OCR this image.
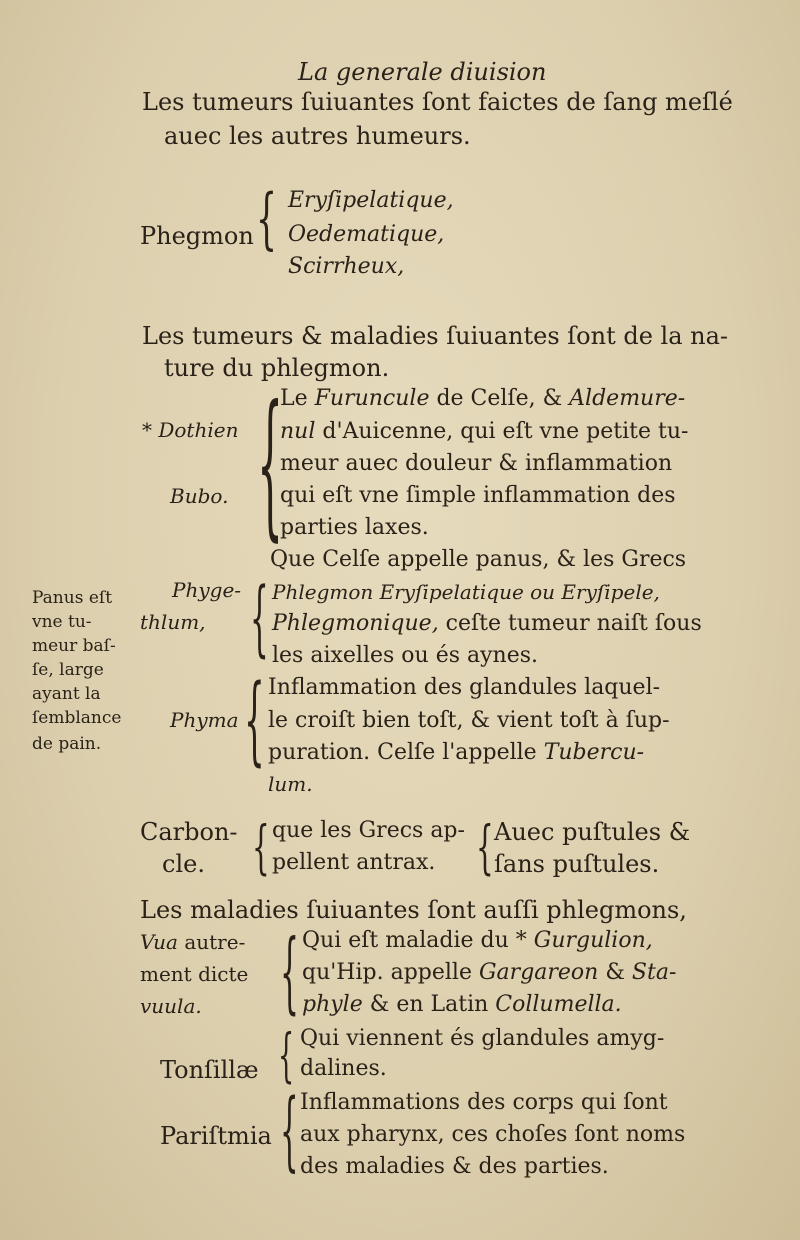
La generale diuision
Les tumeurs ſuiuantes ſont faictes de ſang meſlé
auec les autres humeurs.
Phegmon { Eryſipelatique,
Oedematique,
Scirrheux,
Les tumeurs & maladies ſuiuantes ſont de la na-
ture du phlegmon.
* Dothien {
Le Furuncule de Celſe, & Aldemure-
nul d'Auicenne, qui eſt vne petite tu-
meur auec douleur & inflammation
Bubo. qui eſt vne ſimple inflammation des
parties laxes.
Que Celſe appelle panus, & les Grecs
Phyge-
thlum, { Phlegmon Eryſipelatique ou Eryſipele,
Phlegmonique, ceſte tumeur naiſt ſous
les aixelles ou és aynes.
Panus eſt
vne tu-
meur baſ-
ſe, large
ayant la
ſemblance
de pain.
Phyma { Inflammation des glandules laquel-
le croiſt bien toſt, & vient toſt à ſup-
puration. Celſe l'appelle Tubercu-
lum.
Carbon-
cle. { que les Grecs ap-
pellent antrax. { Auec puſtules &
ſans puſtules.
Les maladies ſuiuantes ſont auſſi phlegmons,
Vua autre-
ment dicte
vuula. { Qui eſt maladie du * Gurgulion,
qu'Hip. appelle Gargareon & Sta-
phyle & en Latin Collumella.
Tonſillæ { Qui viennent és glandules amyg-
dalines.
Pariſtmia { Inflammations des corps qui ſont
aux pharynx, ces choſes ſont noms
des maladies & des parties.
